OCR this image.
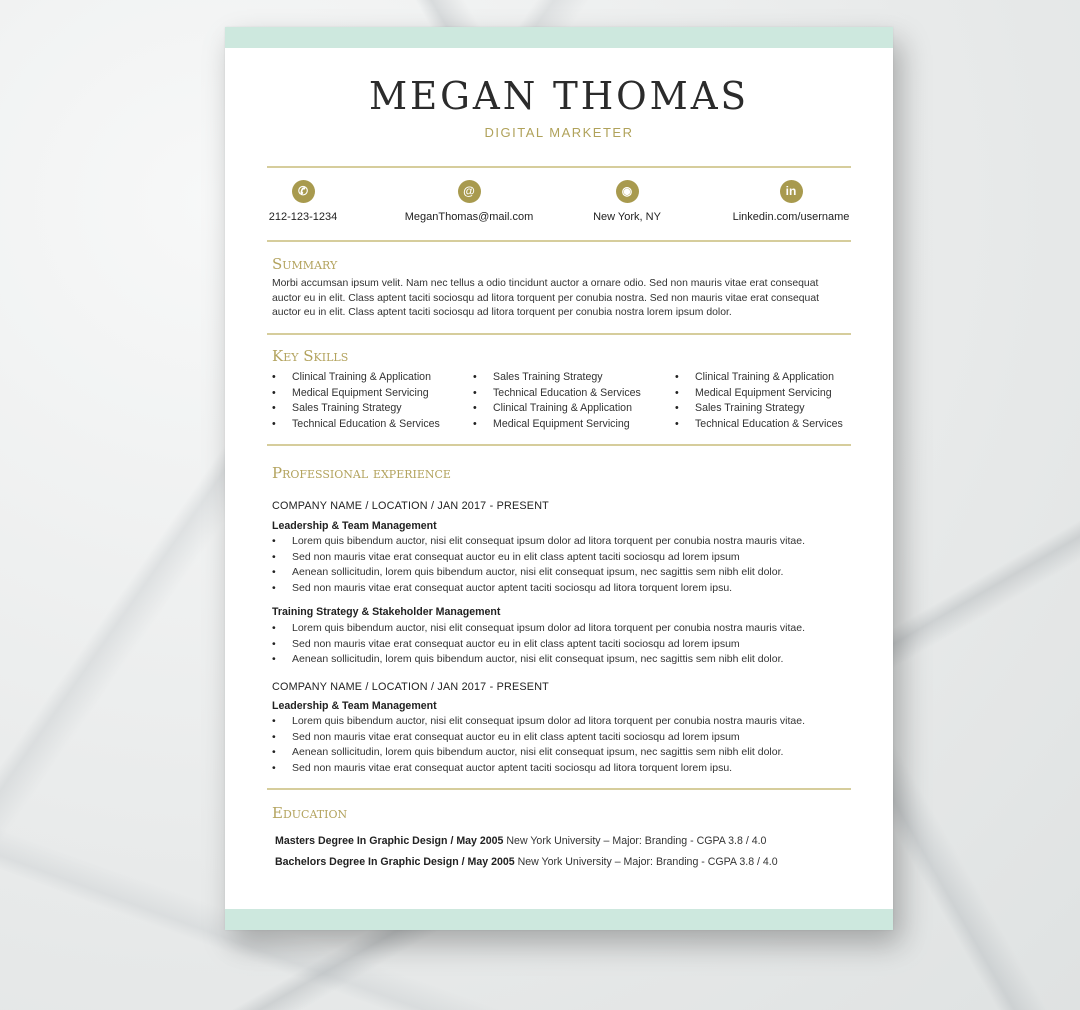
MEGAN THOMAS
DIGITAL MARKETER
✆
212-123-1234
@
MeganThomas@mail.com
◉
New York, NY
in
Linkedin.com/username
Summary
Morbi accumsan ipsum velit. Nam nec tellus a odio tincidunt auctor a ornare odio. Sed non mauris vitae erat consequat auctor eu in elit. Class aptent taciti sociosqu ad litora torquent per conubia nostra. Sed non mauris vitae erat consequat auctor eu in elit. Class aptent taciti sociosqu ad litora torquent per conubia nostra lorem ipsum dolor.
Key Skills
• Clinical Training & Application
• Medical Equipment Servicing
• Sales Training Strategy
• Technical Education & Services
• Sales Training Strategy
• Technical Education & Services
• Clinical Training & Application
• Medical Equipment Servicing
• Clinical Training & Application
• Medical Equipment Servicing
• Sales Training Strategy
• Technical Education & Services
Professional experience
COMPANY NAME / LOCATION / JAN 2017 - PRESENT
Leadership & Team Management
• Lorem quis bibendum auctor, nisi elit consequat ipsum dolor ad litora torquent per conubia nostra mauris vitae.
• Sed non mauris vitae erat consequat auctor eu in elit class aptent taciti sociosqu ad lorem ipsum
• Aenean sollicitudin, lorem quis bibendum auctor, nisi elit consequat ipsum, nec sagittis sem nibh elit dolor.
• Sed non mauris vitae erat consequat auctor aptent taciti sociosqu ad litora torquent lorem ipsu.
Training Strategy & Stakeholder Management
• Lorem quis bibendum auctor, nisi elit consequat ipsum dolor ad litora torquent per conubia nostra mauris vitae.
• Sed non mauris vitae erat consequat auctor eu in elit class aptent taciti sociosqu ad lorem ipsum
• Aenean sollicitudin, lorem quis bibendum auctor, nisi elit consequat ipsum, nec sagittis sem nibh elit dolor.
COMPANY NAME / LOCATION / JAN 2017 - PRESENT
Leadership & Team Management
• Lorem quis bibendum auctor, nisi elit consequat ipsum dolor ad litora torquent per conubia nostra mauris vitae.
• Sed non mauris vitae erat consequat auctor eu in elit class aptent taciti sociosqu ad lorem ipsum
• Aenean sollicitudin, lorem quis bibendum auctor, nisi elit consequat ipsum, nec sagittis sem nibh elit dolor.
• Sed non mauris vitae erat consequat auctor aptent taciti sociosqu ad litora torquent lorem ipsu.
Education
Masters Degree In Graphic Design / May 2005 New York University – Major: Branding - CGPA 3.8 / 4.0
Bachelors Degree In Graphic Design / May 2005 New York University – Major: Branding - CGPA 3.8 / 4.0
